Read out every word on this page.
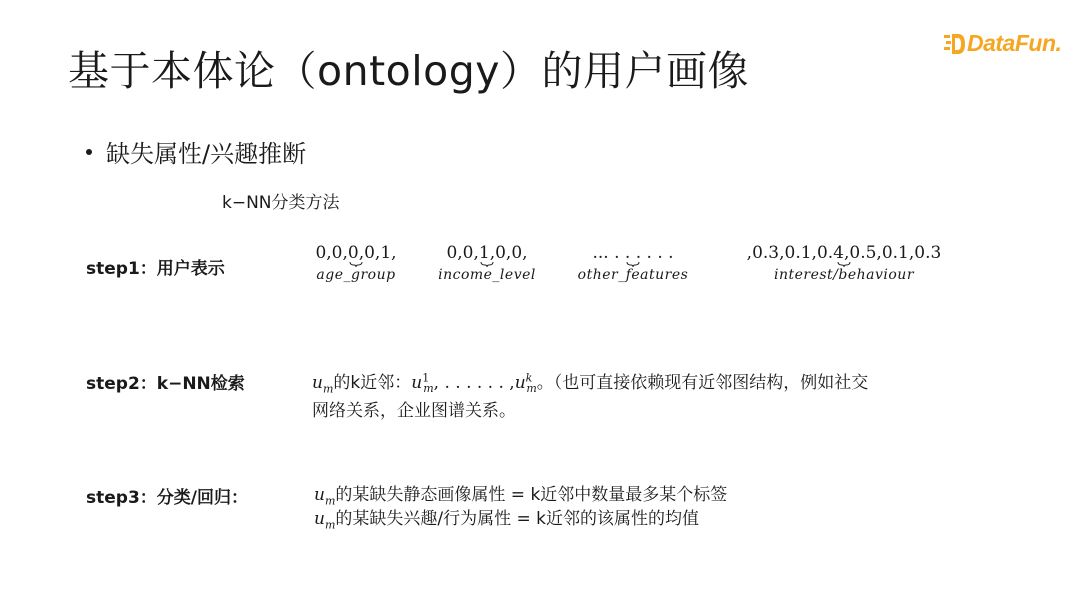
基于本体论（ontology）的用户画像
DataFun.
缺失属性/兴趣推断
k−NN分类方法
step1：用户表示
0,0,0,0,1,
age_group
0,0,1,0,0,
income_level
... . . . . . .
other_features
,0.3,0.1,0.4,0.5,0.1,0.3
interest/behaviour
step2：k−NN检索	$u_m$的k近邻：$u^1_m$, . . . . . . $,u^k_m$。（也可直接依赖现有近邻图结构，例如社交
网络关系，企业图谱关系。
step3：分类/回归：	$u_m$的某缺失静态画像属性 = k近邻中数量最多某个标签
$u_m$的某缺失兴趣/行为属性 = k近邻的该属性的均值
